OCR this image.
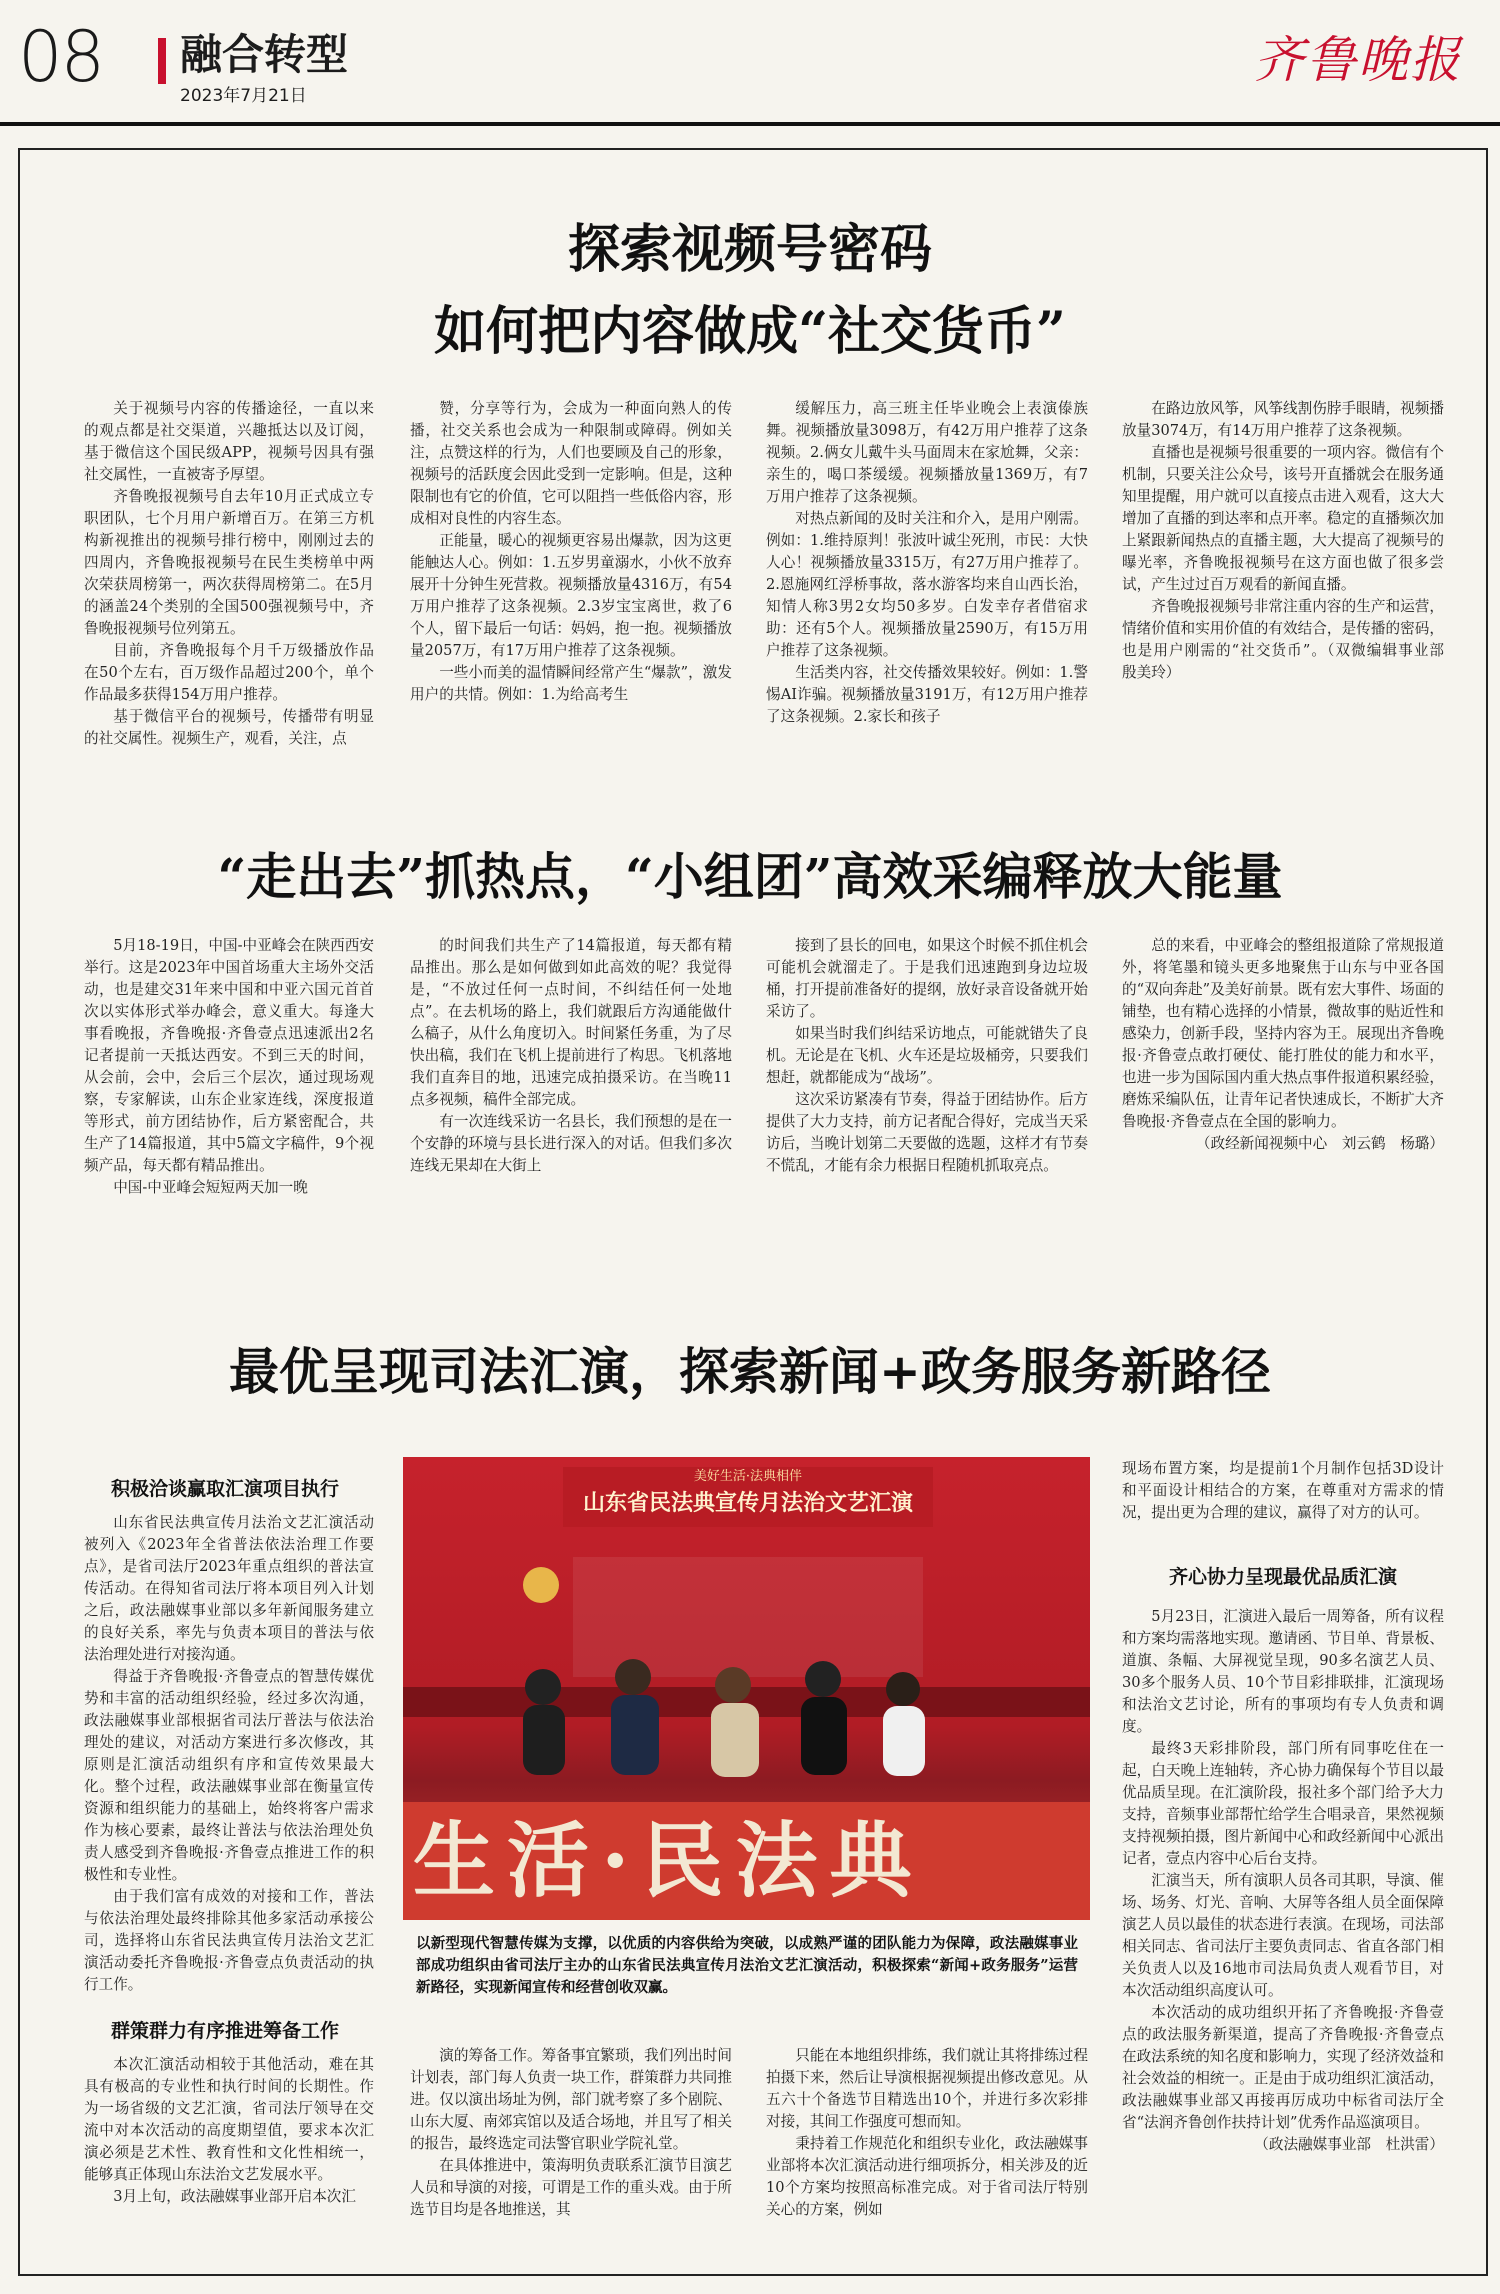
08 融合转型
2023年7月21日
齐鲁晚报
探索视频号密码
如何把内容做成“社交货币”

关于视频号内容的传播途径，一直以来的观点都是社交渠道，兴趣抵达以及订阅，基于微信这个国民级APP，视频号因具有强社交属性，一直被寄予厚望。

齐鲁晚报视频号自去年10月正式成立专职团队，七个月用户新增百万。在第三方机构新视推出的视频号排行榜中，刚刚过去的四周内，齐鲁晚报视频号在民生类榜单中两次荣获周榜第一，两次获得周榜第二。在5月的涵盖24个类别的全国500强视频号中，齐鲁晚报视频号位列第五。

目前，齐鲁晚报每个月千万级播放作品在50个左右，百万级作品超过200个，单个作品最多获得154万用户推荐。

基于微信平台的视频号，传播带有明显的社交属性。视频生产，观看，关注，点

赞，分享等行为，会成为一种面向熟人的传播，社交关系也会成为一种限制或障碍。例如关注，点赞这样的行为，人们也要顾及自己的形象，视频号的活跃度会因此受到一定影响。但是，这种限制也有它的价值，它可以阻挡一些低俗内容，形成相对良性的内容生态。

正能量，暖心的视频更容易出爆款，因为这更能触达人心。例如：1.五岁男童溺水，小伙不放弃展开十分钟生死营救。视频播放量4316万，有54万用户推荐了这条视频。2.3岁宝宝离世，救了6个人，留下最后一句话：妈妈，抱一抱。视频播放量2057万，有17万用户推荐了这条视频。

一些小而美的温情瞬间经常产生“爆款”，激发用户的共情。例如：1.为给高考生

缓解压力，高三班主任毕业晚会上表演傣族舞。视频播放量3098万，有42万用户推荐了这条视频。2.俩女儿戴牛头马面周末在家尬舞，父亲：亲生的，喝口茶缓缓。视频播放量1369万，有7万用户推荐了这条视频。

对热点新闻的及时关注和介入，是用户刚需。例如：1.维持原判！张波叶诚尘死刑，市民：大快人心！视频播放量3315万，有27万用户推荐了。2.恩施网红浮桥事故，落水游客均来自山西长治，知情人称3男2女均50多岁。白发幸存者借宿求助：还有5个人。视频播放量2590万，有15万用户推荐了这条视频。

生活类内容，社交传播效果较好。例如：1.警惕AI诈骗。视频播放量3191万，有12万用户推荐了这条视频。2.家长和孩子

在路边放风筝，风筝线割伤脖手眼睛，视频播放量3074万，有14万用户推荐了这条视频。

直播也是视频号很重要的一项内容。微信有个机制，只要关注公众号，该号开直播就会在服务通知里提醒，用户就可以直接点击进入观看，这大大增加了直播的到达率和点开率。稳定的直播频次加上紧跟新闻热点的直播主题，大大提高了视频号的曝光率，齐鲁晚报视频号在这方面也做了很多尝试，产生过过百万观看的新闻直播。

齐鲁晚报视频号非常注重内容的生产和运营，情绪价值和实用价值的有效结合，是传播的密码，也是用户刚需的“社交货币”。（双微编辑事业部　殷美玲）

“走出去”抓热点，“小组团”高效采编释放大能量

5月18-19日，中国-中亚峰会在陕西西安举行。这是2023年中国首场重大主场外交活动，也是建交31年来中国和中亚六国元首首次以实体形式举办峰会，意义重大。每逢大事看晚报，齐鲁晚报·齐鲁壹点迅速派出2名记者提前一天抵达西安。不到三天的时间，从会前，会中，会后三个层次，通过现场观察，专家解读，山东企业家连线，深度报道等形式，前方团结协作，后方紧密配合，共生产了14篇报道，其中5篇文字稿件，9个视频产品，每天都有精品推出。

中国-中亚峰会短短两天加一晚

的时间我们共生产了14篇报道，每天都有精品推出。那么是如何做到如此高效的呢？我觉得是，“不放过任何一点时间，不纠结任何一处地点”。在去机场的路上，我们就跟后方沟通能做什么稿子，从什么角度切入。时间紧任务重，为了尽快出稿，我们在飞机上提前进行了构思。飞机落地我们直奔目的地，迅速完成拍摄采访。在当晚11点多视频，稿件全部完成。

有一次连线采访一名县长，我们预想的是在一个安静的环境与县长进行深入的对话。但我们多次连线无果却在大街上

接到了县长的回电，如果这个时候不抓住机会可能机会就溜走了。于是我们迅速跑到身边垃圾桶，打开提前准备好的提纲，放好录音设备就开始采访了。

如果当时我们纠结采访地点，可能就错失了良机。无论是在飞机、火车还是垃圾桶旁，只要我们想赶，就都能成为“战场”。

这次采访紧凑有节奏，得益于团结协作。后方提供了大力支持，前方记者配合得好，完成当天采访后，当晚计划第二天要做的选题，这样才有节奏不慌乱，才能有余力根据日程随机抓取亮点。

总的来看，中亚峰会的整组报道除了常规报道外，将笔墨和镜头更多地聚焦于山东与中亚各国的“双向奔赴”及美好前景。既有宏大事件、场面的铺垫，也有精心选择的小情景，微故事的贴近性和感染力，创新手段，坚持内容为王。展现出齐鲁晚报·齐鲁壹点敢打硬仗、能打胜仗的能力和水平，也进一步为国际国内重大热点事件报道积累经验，磨炼采编队伍，让青年记者快速成长，不断扩大齐鲁晚报·齐鲁壹点在全国的影响力。

（政经新闻视频中心　刘云鹤　杨璐）

最优呈现司法汇演，探索新闻+政务服务新路径
积极洽谈赢取汇演项目执行

山东省民法典宣传月法治文艺汇演活动被列入《2023年全省普法依法治理工作要点》，是省司法厅2023年重点组织的普法宣传活动。在得知省司法厅将本项目列入计划之后，政法融媒事业部以多年新闻服务建立的良好关系，率先与负责本项目的普法与依法治理处进行对接沟通。

得益于齐鲁晚报·齐鲁壹点的智慧传媒优势和丰富的活动组织经验，经过多次沟通，政法融媒事业部根据省司法厅普法与依法治理处的建议，对活动方案进行多次修改，其原则是汇演活动组织有序和宣传效果最大化。整个过程，政法融媒事业部在衡量宣传资源和组织能力的基础上，始终将客户需求作为核心要素，最终让普法与依法治理处负责人感受到齐鲁晚报·齐鲁壹点推进工作的积极性和专业性。

由于我们富有成效的对接和工作，普法与依法治理处最终排除其他多家活动承接公司，选择将山东省民法典宣传月法治文艺汇演活动委托齐鲁晚报·齐鲁壹点负责活动的执行工作。

群策群力有序推进筹备工作

本次汇演活动相较于其他活动，难在其具有极高的专业性和执行时间的长期性。作为一场省级的文艺汇演，省司法厅领导在交流中对本次活动的高度期望值，要求本次汇演必须是艺术性、教育性和文化性相统一，能够真正体现山东法治文艺发展水平。

3月上旬，政法融媒事业部开启本次汇

美好生活·法典相伴
山东省民法典宣传月法治文艺汇演
生活·民法典
以新型现代智慧传媒为支撑，以优质的内容供给为突破，以成熟严谨的团队能力为保障，政法融媒事业部成功组织由省司法厅主办的山东省民法典宣传月法治文艺汇演活动，积极探索“新闻+政务服务”运营新路径，实现新闻宣传和经营创收双赢。

演的筹备工作。筹备事宜繁琐，我们列出时间计划表，部门每人负责一块工作，群策群力共同推进。仅以演出场址为例，部门就考察了多个剧院、山东大厦、南郊宾馆以及适合场地，并且写了相关的报告，最终选定司法警官职业学院礼堂。

在具体推进中，策海明负责联系汇演节目演艺人员和导演的对接，可谓是工作的重头戏。由于所选节目均是各地推送，其

只能在本地组织排练，我们就让其将排练过程拍摄下来，然后让导演根据视频提出修改意见。从五六十个备选节目精选出10个，并进行多次彩排对接，其间工作强度可想而知。

秉持着工作规范化和组织专业化，政法融媒事业部将本次汇演活动进行细项拆分，相关涉及的近10个方案均按照高标准完成。对于省司法厅特别关心的方案，例如

现场布置方案，均是提前1个月制作包括3D设计和平面设计相结合的方案，在尊重对方需求的情况，提出更为合理的建议，赢得了对方的认可。

齐心协力呈现最优品质汇演

5月23日，汇演进入最后一周筹备，所有议程和方案均需落地实现。邀请函、节目单、背景板、道旗、条幅、大屏视觉呈现，90多名演艺人员、30多个服务人员、10个节目彩排联排，汇演现场和法治文艺讨论，所有的事项均有专人负责和调度。

最终3天彩排阶段，部门所有同事吃住在一起，白天晚上连轴转，齐心协力确保每个节目以最优品质呈现。在汇演阶段，报社多个部门给予大力支持，音频事业部帮忙给学生合唱录音，果然视频支持视频拍摄，图片新闻中心和政经新闻中心派出记者，壹点内容中心后台支持。

汇演当天，所有演职人员各司其职，导演、催场、场务、灯光、音响、大屏等各组人员全面保障演艺人员以最佳的状态进行表演。在现场，司法部相关同志、省司法厅主要负责同志、省直各部门相关负责人以及16地市司法局负责人观看节目，对本次活动组织高度认可。

本次活动的成功组织开拓了齐鲁晚报·齐鲁壹点的政法服务新渠道，提高了齐鲁晚报·齐鲁壹点在政法系统的知名度和影响力，实现了经济效益和社会效益的相统一。正是由于成功组织汇演活动，政法融媒事业部又再接再厉成功中标省司法厅全省“法润齐鲁创作扶持计划”优秀作品巡演项目。

（政法融媒事业部　杜洪雷）
